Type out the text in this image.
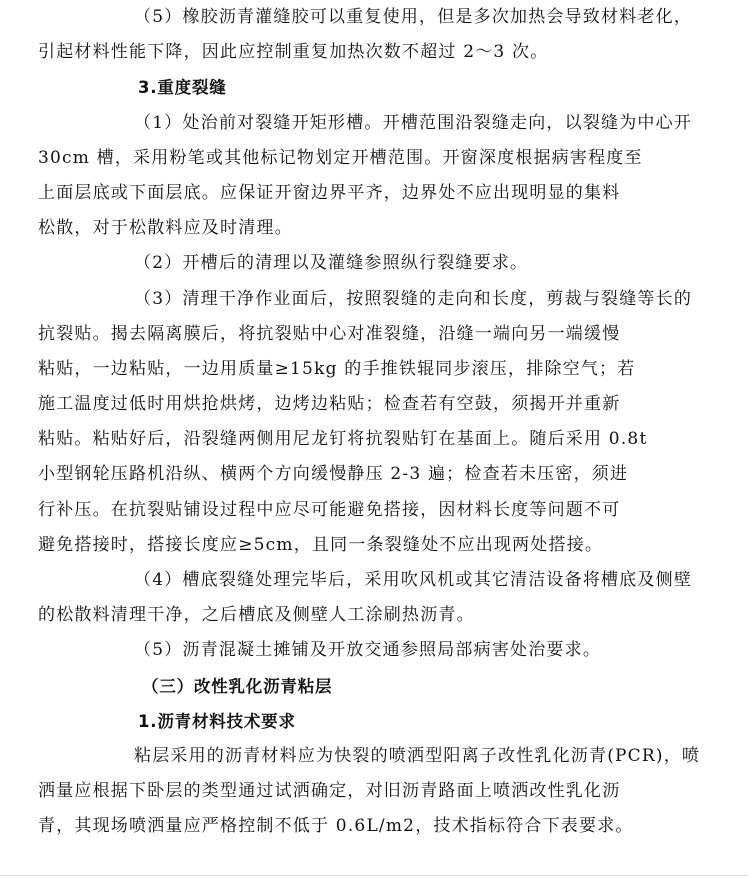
（5）橡胶沥青灌缝胶可以重复使用，但是多次加热会导致材料老化，
引起材料性能下降，因此应控制重复加热次数不超过 2～3 次。
3.重度裂缝
（1）处治前对裂缝开矩形槽。开槽范围沿裂缝走向，以裂缝为中心开
30cm 槽，采用粉笔或其他标记物划定开槽范围。开窗深度根据病害程度至
上面层底或下面层底。应保证开窗边界平齐，边界处不应出现明显的集料
松散，对于松散料应及时清理。
（2）开槽后的清理以及灌缝参照纵行裂缝要求。
（3）清理干净作业面后，按照裂缝的走向和长度，剪裁与裂缝等长的
抗裂贴。揭去隔离膜后，将抗裂贴中心对准裂缝，沿缝一端向另一端缓慢
粘贴，一边粘贴，一边用质量≥15kg 的手推铁辊同步滚压，排除空气；若
施工温度过低时用烘抢烘烤，边烤边粘贴；检查若有空鼓，须揭开并重新
粘贴。粘贴好后，沿裂缝两侧用尼龙钉将抗裂贴钉在基面上。随后采用 0.8t
小型钢轮压路机沿纵、横两个方向缓慢静压 2-3 遍；检查若未压密，须进
行补压。在抗裂贴铺设过程中应尽可能避免搭接，因材料长度等问题不可
避免搭接时，搭接长度应≥5cm，且同一条裂缝处不应出现两处搭接。
（4）槽底裂缝处理完毕后，采用吹风机或其它清洁设备将槽底及侧壁
的松散料清理干净，之后槽底及侧壁人工涂刷热沥青。
（5）沥青混凝土摊铺及开放交通参照局部病害处治要求。
（三）改性乳化沥青粘层
1.沥青材料技术要求
粘层采用的沥青材料应为快裂的喷洒型阳离子改性乳化沥青(PCR)，喷
洒量应根据下卧层的类型通过试洒确定，对旧沥青路面上喷洒改性乳化沥
青，其现场喷洒量应严格控制不低于 0.6L/m2，技术指标符合下表要求。
